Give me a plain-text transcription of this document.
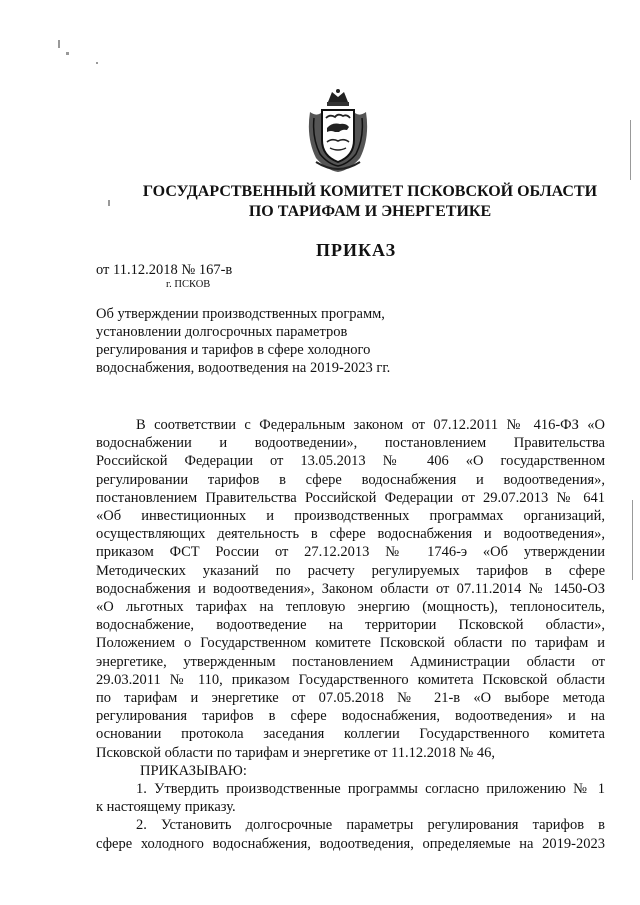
ГОСУДАРСТВЕННЫЙ КОМИТЕТ ПСКОВСКОЙ ОБЛАСТИ
ПО ТАРИФАМ И ЭНЕРГЕТИКЕ
ПРИКАЗ
от 11.12.2018 № 167-в
г. ПСКОВ
Об утверждении производственных программ,
установлении долгосрочных параметров
регулирования и тарифов в сфере холодного
водоснабжения, водоотведения на 2019-2023 гг.
В соответствии с Федеральным законом от 07.12.2011 № 416-ФЗ «О
водоснабжении и водоотведении», постановлением Правительства
Российской Федерации от 13.05.2013 № 406 «О государственном
регулировании тарифов в сфере водоснабжения и водоотведения»,
постановлением Правительства Российской Федерации от 29.07.2013 № 641
«Об инвестиционных и производственных программах организаций,
осуществляющих деятельность в сфере водоснабжения и водоотведения»,
приказом ФСТ России от 27.12.2013 № 1746-э «Об утверждении
Методических указаний по расчету регулируемых тарифов в сфере
водоснабжения и водоотведения», Законом области от 07.11.2014 № 1450-ОЗ
«О льготных тарифах на тепловую энергию (мощность), теплоноситель,
водоснабжение, водоотведение на территории Псковской области»,
Положением о Государственном комитете Псковской области по тарифам и
энергетике, утвержденным постановлением Администрации области от
29.03.2011 № 110, приказом Государственного комитета Псковской области
по тарифам и энергетике от 07.05.2018 № 21-в «О выборе метода
регулирования тарифов в сфере водоснабжения, водоотведения» и на
основании протокола заседания коллегии Государственного комитета
Псковской области по тарифам и энергетике от 11.12.2018 № 46,
ПРИКАЗЫВАЮ:
1. Утвердить производственные программы согласно приложению № 1
к настоящему приказу.
2. Установить долгосрочные параметры регулирования тарифов в
сфере холодного водоснабжения, водоотведения, определяемые на 2019-2023
